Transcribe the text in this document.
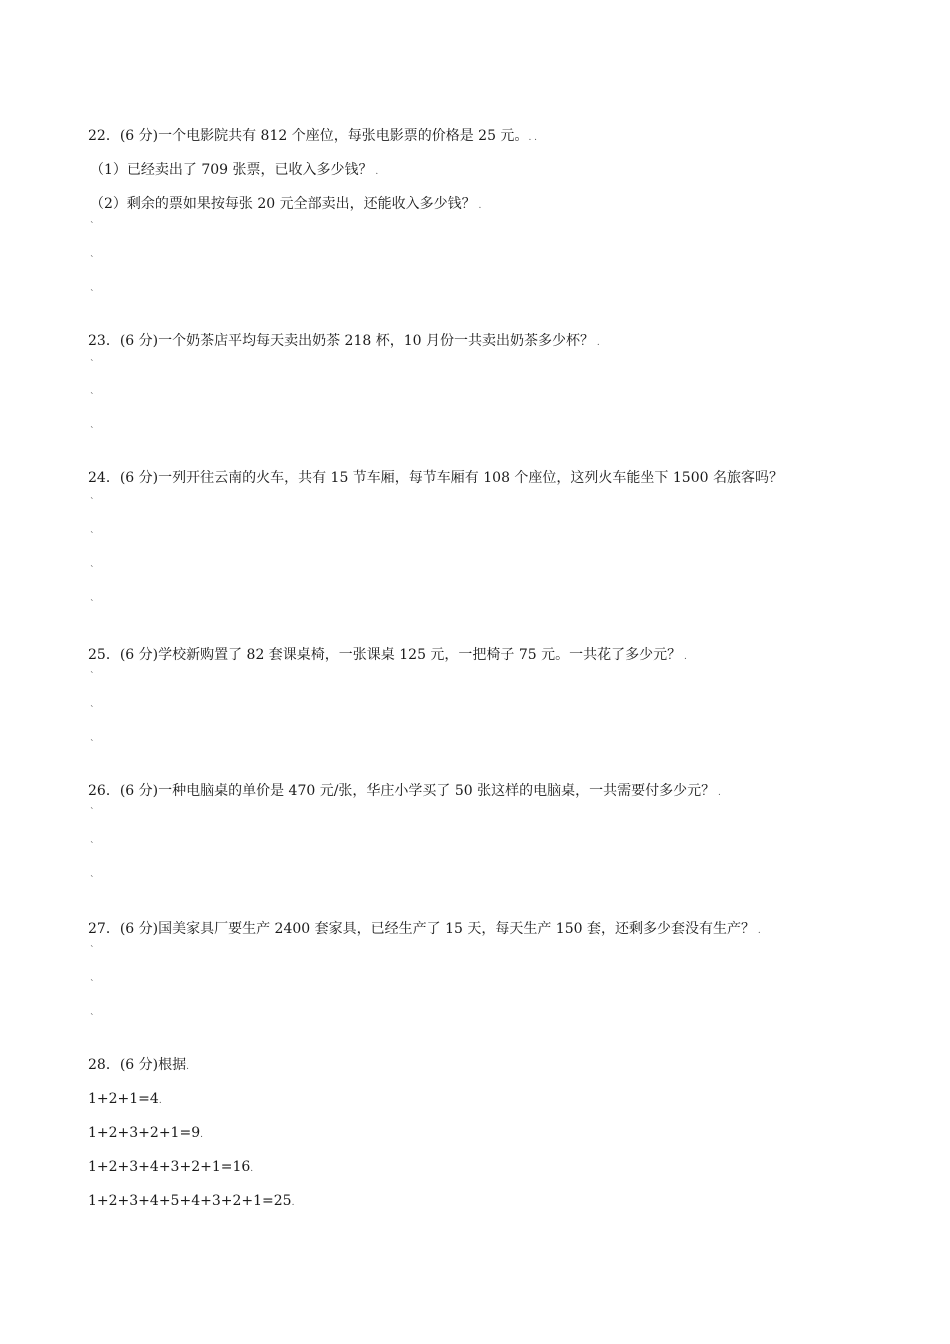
22．(6 分)一个电影院共有 812 个座位，每张电影票的价格是 25 元。. .
（1）已经卖出了 709 张票，已收入多少钱？ .
（2）剩余的票如果按每张 20 元全部卖出，还能收入多少钱？ .
ˋ
ˋ
ˋ
23．(6 分)一个奶茶店平均每天卖出奶茶 218 杯，10 月份一共卖出奶茶多少杯？ .
ˋ
ˋ
ˋ
24．(6 分)一列开往云南的火车，共有 15 节车厢，每节车厢有 108 个座位，这列火车能坐下 1500 名旅客吗？
ˋ
ˋ
ˋ
ˋ
25．(6 分)学校新购置了 82 套课桌椅，一张课桌 125 元，一把椅子 75 元。一共花了多少元？ .
ˋ
ˋ
ˋ
26．(6 分)一种电脑桌的单价是 470 元/张，华庄小学买了 50 张这样的电脑桌，一共需要付多少元？ .
ˋ
ˋ
ˋ
27．(6 分)国美家具厂要生产 2400 套家具，已经生产了 15 天，每天生产 150 套，还剩多少套没有生产？ .
ˋ
ˋ
ˋ
28．(6 分)根据.
1+2+1=4.
1+2+3+2+1=9.
1+2+3+4+3+2+1=16.
1+2+3+4+5+4+3+2+1=25.
